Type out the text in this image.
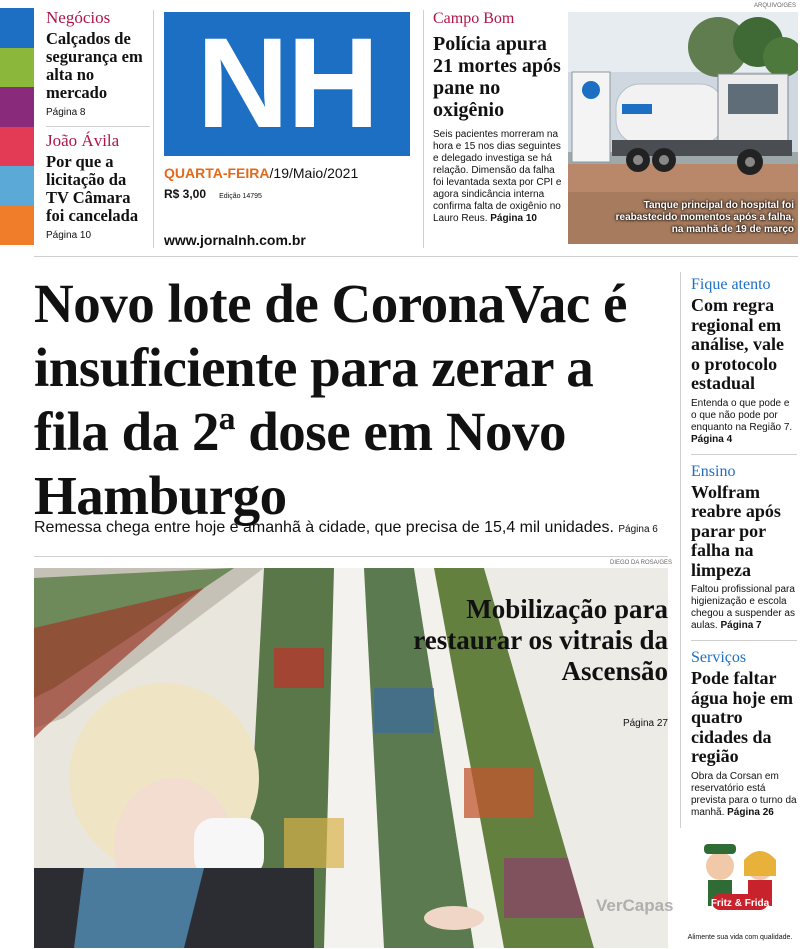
Negócios
Calçados de segurança em alta no mercado
Página 8
João Ávila
Por que a licitação da TV Câmara foi cancelada
Página 10
NH
QUARTA-FEIRA/19/Maio/2021
R$ 3,00 Edição 14795
www.jornalnh.com.br
Campo Bom
Polícia apura 21 mortes após pane no oxigênio
Seis pacientes morreram na hora e 15 nos dias seguintes e delegado investiga se há relação. Dimensão da falha foi levantada sexta por CPI e agora sindicância interna confirma falta de oxigênio no Lauro Reus. Página 10
ARQUIVO/GES
Tanque principal do hospital foi reabastecido momentos após a falha, na manhã de 19 de março
Novo lote de CoronaVac é insuficiente para zerar a fila da 2ª dose em Novo Hamburgo
Remessa chega entre hoje e amanhã à cidade, que precisa de 15,4 mil unidades. Página 6
DIEGO DA ROSA/GES
Mobilização para restaurar os vitrais da Ascensão
Página 27
Fique atento
Com regra regional em análise, vale o protocolo estadual
Entenda o que pode e o que não pode por enquanto na Região 7. Página 4
Ensino
Wolfram reabre após parar por falha na limpeza
Faltou profissional para higienização e escola chegou a suspender as aulas. Página 7
Serviços
Pode faltar água hoje em quatro cidades da região
Obra da Corsan em reservatório está prevista para o turno da manhã. Página 26
Fritz & Frida
Alimente sua vida com qualidade.
VerCapas
